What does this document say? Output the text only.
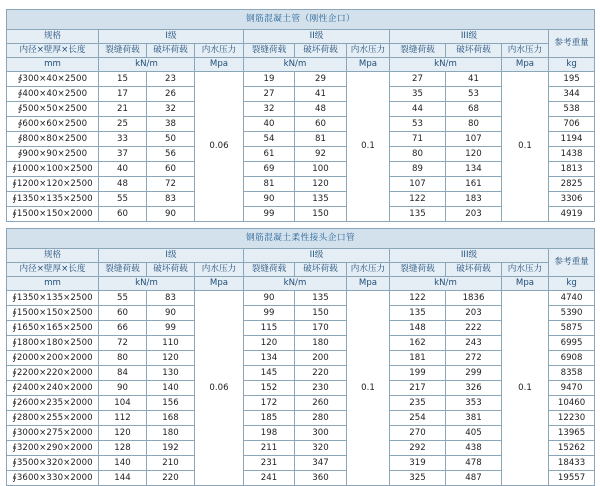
钢筋混凝土管（刚性企口）										
规格	I级			II级			III级			参考重量
内径×壁厚×长度	裂缝荷载	破坏荷载	内水压力	裂缝荷载	破坏荷载	内水压力	裂缝荷载	破坏荷载	内水压力	
mm	kN/m		Mpa	kN/m		Mpa	kN/m		Mpa	kg
∮300×40×2500	15	23	0.06	19	29	0.1	27	41	0.1	195
∮400×40×2500	17	26		27	41		35	53		344
∮500×50×2500	21	32		32	48		44	68		538
∮600×60×2500	25	38		40	60		53	80		706
∮800×80×2500	33	50		54	81		71	107		1194
∮900×90×2500	37	56		61	92		80	120		1438
∮1000×100×2500	40	60		69	100		89	134		1813
∮1200×120×2500	48	72		81	120		107	161		2825
∮1350×135×2500	55	83		90	135		122	183		3306
∮1500×150×2000	60	90		99	150		135	203		4919
钢筋混凝土柔性接头企口管										
规格	I级			II级			III级			参考重量
内径×壁厚×长度	裂缝荷载	破坏荷载	内水压力	裂缝荷载	破坏荷载	内水压力	裂缝荷载	破坏荷载	内水压力	
mm	kN/m		Mpa	kN/m		Mpa	kN/m		Mpa	kg
∮1350×135×2500	55	83	0.06	90	135	0.1	122	1836	0.1	4740
∮1500×150×2500	60	90		99	150		135	203		5390
∮1650×165×2500	66	99		115	170		148	222		5875
∮1800×180×2500	72	110		120	180		162	243		6995
∮2000×200×2000	80	120		134	200		181	272		6908
∮2200×220×2000	84	130		145	220		199	299		8358
∮2400×240×2000	90	140		152	230		217	326		9470
∮2600×235×2000	104	156		172	260		235	353		10460
∮2800×255×2000	112	168		185	280		254	381		12230
∮3000×275×2000	120	180		198	300		270	405		13965
∮3200×290×2000	128	192		211	320		292	438		15262
∮3500×320×2000	140	210		231	347		319	478		18433
∮3600×330×2000	144	220		241	360		325	487		19557
